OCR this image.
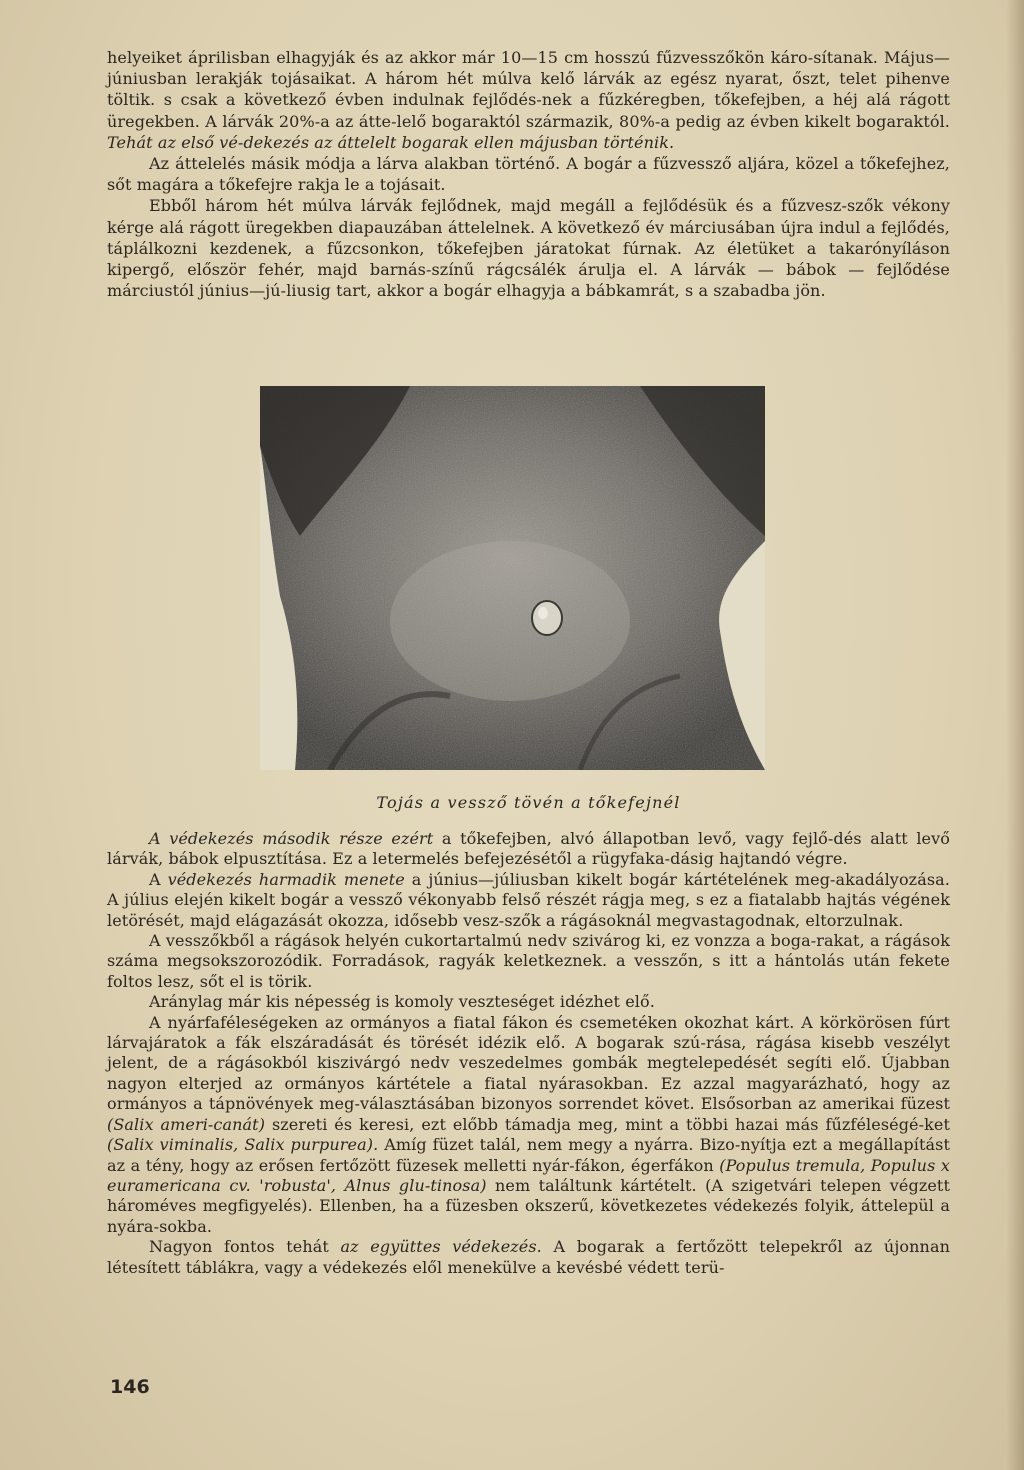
helyeiket áprilisban elhagyják és az akkor már 10—15 cm hosszú fűzvesszőkön káro-sítanak. Május—júniusban lerakják tojásaikat. A három hét múlva kelő lárvák az egész nyarat, őszt, telet pihenve töltik. s csak a következő évben indulnak fejlődés-nek a fűzkéregben, tőkefejben, a héj alá rágott üregekben. A lárvák 20%-a az átte-lelő bogaraktól származik, 80%-a pedig az évben kikelt bogaraktól. Tehát az első vé-dekezés az áttelelt bogarak ellen májusban történik.

Az áttelelés másik módja a lárva alakban történő. A bogár a fűzvessző aljára, közel a tőkefejhez, sőt magára a tőkefejre rakja le a tojásait.

Ebből három hét múlva lárvák fejlődnek, majd megáll a fejlődésük és a fűzvesz-szők vékony kérge alá rágott üregekben diapauzában áttelelnek. A következő év márciusában újra indul a fejlődés, táplálkozni kezdenek, a fűzcsonkon, tőkefejben járatokat fúrnak. Az életüket a takarónyíláson kipergő, először fehér, majd barnás-színű rágcsálék árulja el. A lárvák — bábok — fejlődése márciustól június—jú-liusig tart, akkor a bogár elhagyja a bábkamrát, s a szabadba jön.

Tojás a vessző tövén a tőkefejnél

A védekezés második része ezért a tőkefejben, alvó állapotban levő, vagy fejlő-dés alatt levő lárvák, bábok elpusztítása. Ez a letermelés befejezésétől a rügyfaka-dásig hajtandó végre.

A védekezés harmadik menete a június—júliusban kikelt bogár kártételének meg-akadályozása. A július elején kikelt bogár a vessző vékonyabb felső részét rágja meg, s ez a fiatalabb hajtás végének letörését, majd elágazását okozza, idősebb vesz-szők a rágásoknál megvastagodnak, eltorzulnak.

A vesszőkből a rágások helyén cukortartalmú nedv szivárog ki, ez vonzza a boga-rakat, a rágások száma megsokszorozódik. Forradások, ragyák keletkeznek. a vesszőn, s itt a hántolás után fekete foltos lesz, sőt el is törik.

Aránylag már kis népesség is komoly veszteséget idézhet elő.

A nyárfaféleségeken az ormányos a fiatal fákon és csemetéken okozhat kárt. A körkörösen fúrt lárvajáratok a fák elszáradását és törését idézik elő. A bogarak szú-rása, rágása kisebb veszélyt jelent, de a rágásokból kiszivárgó nedv veszedelmes gombák megtelepedését segíti elő. Újabban nagyon elterjed az ormányos kártétele a fiatal nyárasokban. Ez azzal magyarázható, hogy az ormányos a tápnövények meg-választásában bizonyos sorrendet követ. Elsősorban az amerikai füzest (Salix ameri-canát) szereti és keresi, ezt előbb támadja meg, mint a többi hazai más fűzféleségé-ket (Salix viminalis, Salix purpurea). Amíg füzet talál, nem megy a nyárra. Bizo-nyítja ezt a megállapítást az a tény, hogy az erősen fertőzött füzesek melletti nyár-fákon, égerfákon (Populus tremula, Populus x euramericana cv. 'robusta', Alnus glu-tinosa) nem találtunk kártételt. (A szigetvári telepen végzett hároméves megfigyelés). Ellenben, ha a füzesben okszerű, következetes védekezés folyik, áttelepül a nyára-sokba.

Nagyon fontos tehát az együttes védekezés. A bogarak a fertőzött telepekről az újonnan létesített táblákra, vagy a védekezés elől menekülve a kevésbé védett terü-

146
